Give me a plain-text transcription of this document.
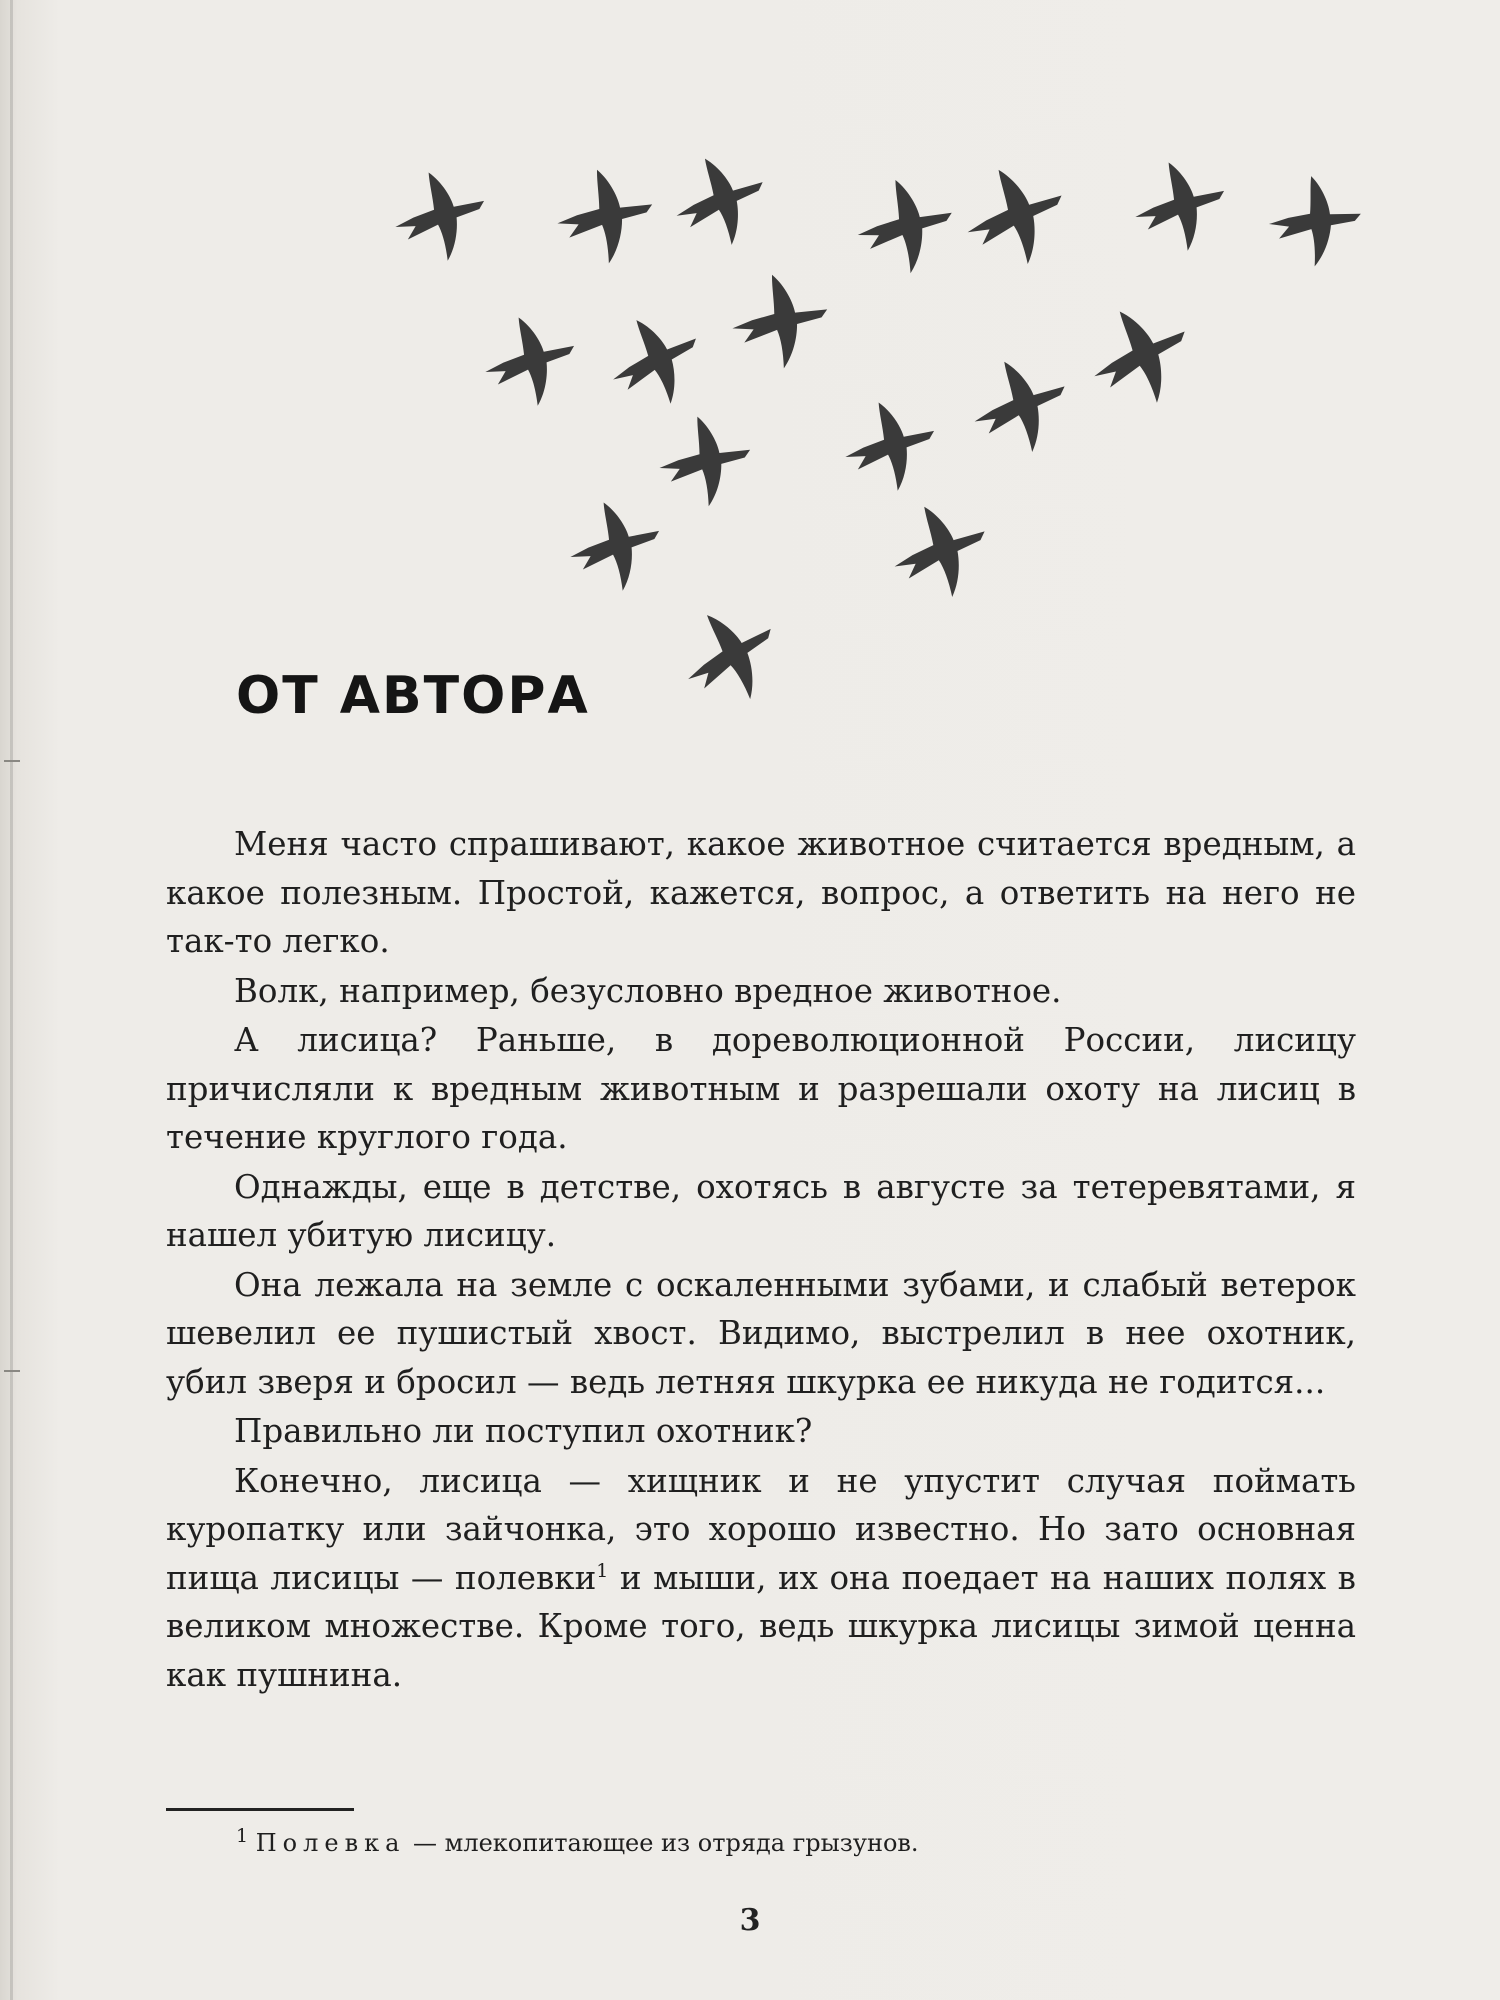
ОТ АВТОРА

Меня часто спрашивают, какое животное считается вредным, а какое полезным. Простой, кажется, вопрос, а ответить на него не так-то легко.

Волк, например, безусловно вредное животное.

А лисица? Раньше, в дореволюционной России, лисицу причисляли к вредным животным и разрешали охоту на лисиц в течение круглого года.

Однажды, еще в детстве, охотясь в августе за тетеревятами, я нашел убитую лисицу.

Она лежала на земле с оскаленными зубами, и слабый ветерок шевелил ее пушистый хвост. Видимо, выстрелил в нее охотник, убил зверя и бросил — ведь летняя шкурка ее никуда не годится...

Правильно ли поступил охотник?

Конечно, лисица — хищник и не упустит случая поймать куропатку или зайчонка, это хорошо известно. Но зато основная пища лисицы — полевки$^1$ и мыши, их она поедает на наших полях в великом множестве. Кроме того, ведь шкурка лисицы зимой ценна как пушнина.

$^1$ Полевка — млекопитающее из отряда грызунов.
3
